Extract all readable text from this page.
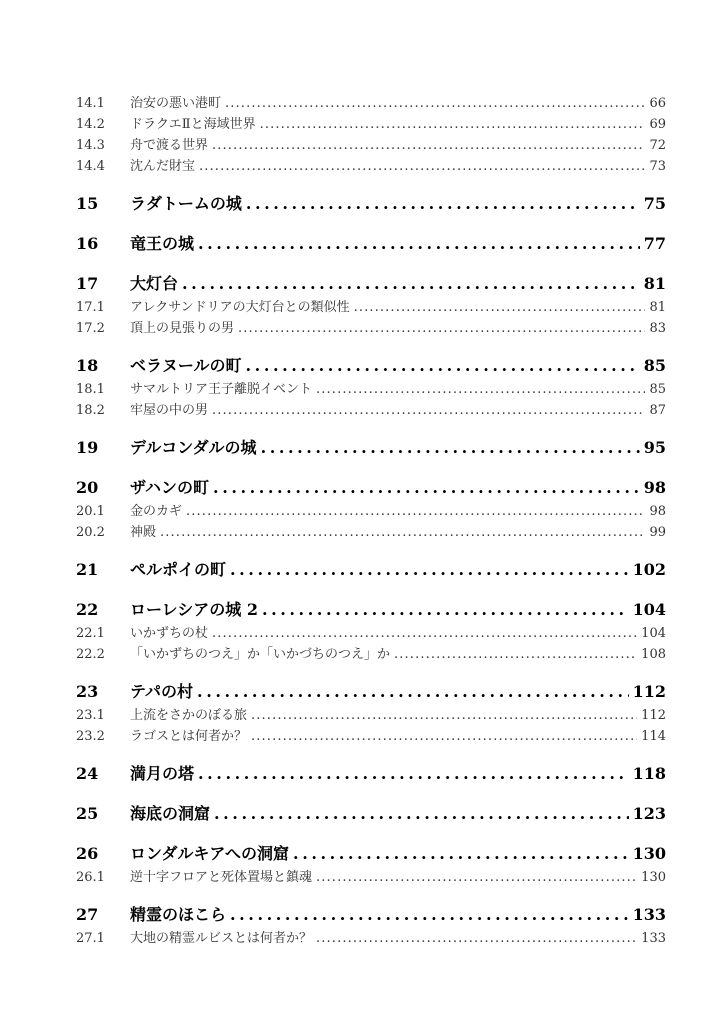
14.1	治安の悪い港町 . . .	66
14.2	ドラクエⅡと海域世界 . . .	69
14.3	舟で渡る世界 . . .	72
14.4	沈んだ財宝 . . .	73
15	ラダトームの城 . . .	75
16	竜王の城 . . .	77
17	大灯台 . . .	81
17.1	アレクサンドリアの大灯台との類似性 . . .	81
17.2	頂上の見張りの男 . . .	83
18	ベラヌールの町 . . .	85
18.1	サマルトリア王子離脱イベント . . .	85
18.2	牢屋の中の男 . . .	87
19	デルコンダルの城 . . .	95
20	ザハンの町 . . .	98
20.1	金のカギ . . .	98
20.2	神殿 . . .	99
21	ペルポイの町 . . .	102
22	ローレシアの城 2 . . .	104
22.1	いかずちの杖 . . .	104
22.2	「いかずちのつえ」か「いかづちのつえ」か . . .	108
23	テパの村 . . .	112
23.1	上流をさかのぼる旅 . . .	112
23.2	ラゴスとは何者か？ . . .	114
24	満月の塔 . . .	118
25	海底の洞窟 . . .	123
26	ロンダルキアへの洞窟 . . .	130
26.1	逆十字フロアと死体置場と鎮魂 . . .	130
27	精霊のほこら . . .	133
27.1	大地の精霊ルビスとは何者か？ . . .	133
